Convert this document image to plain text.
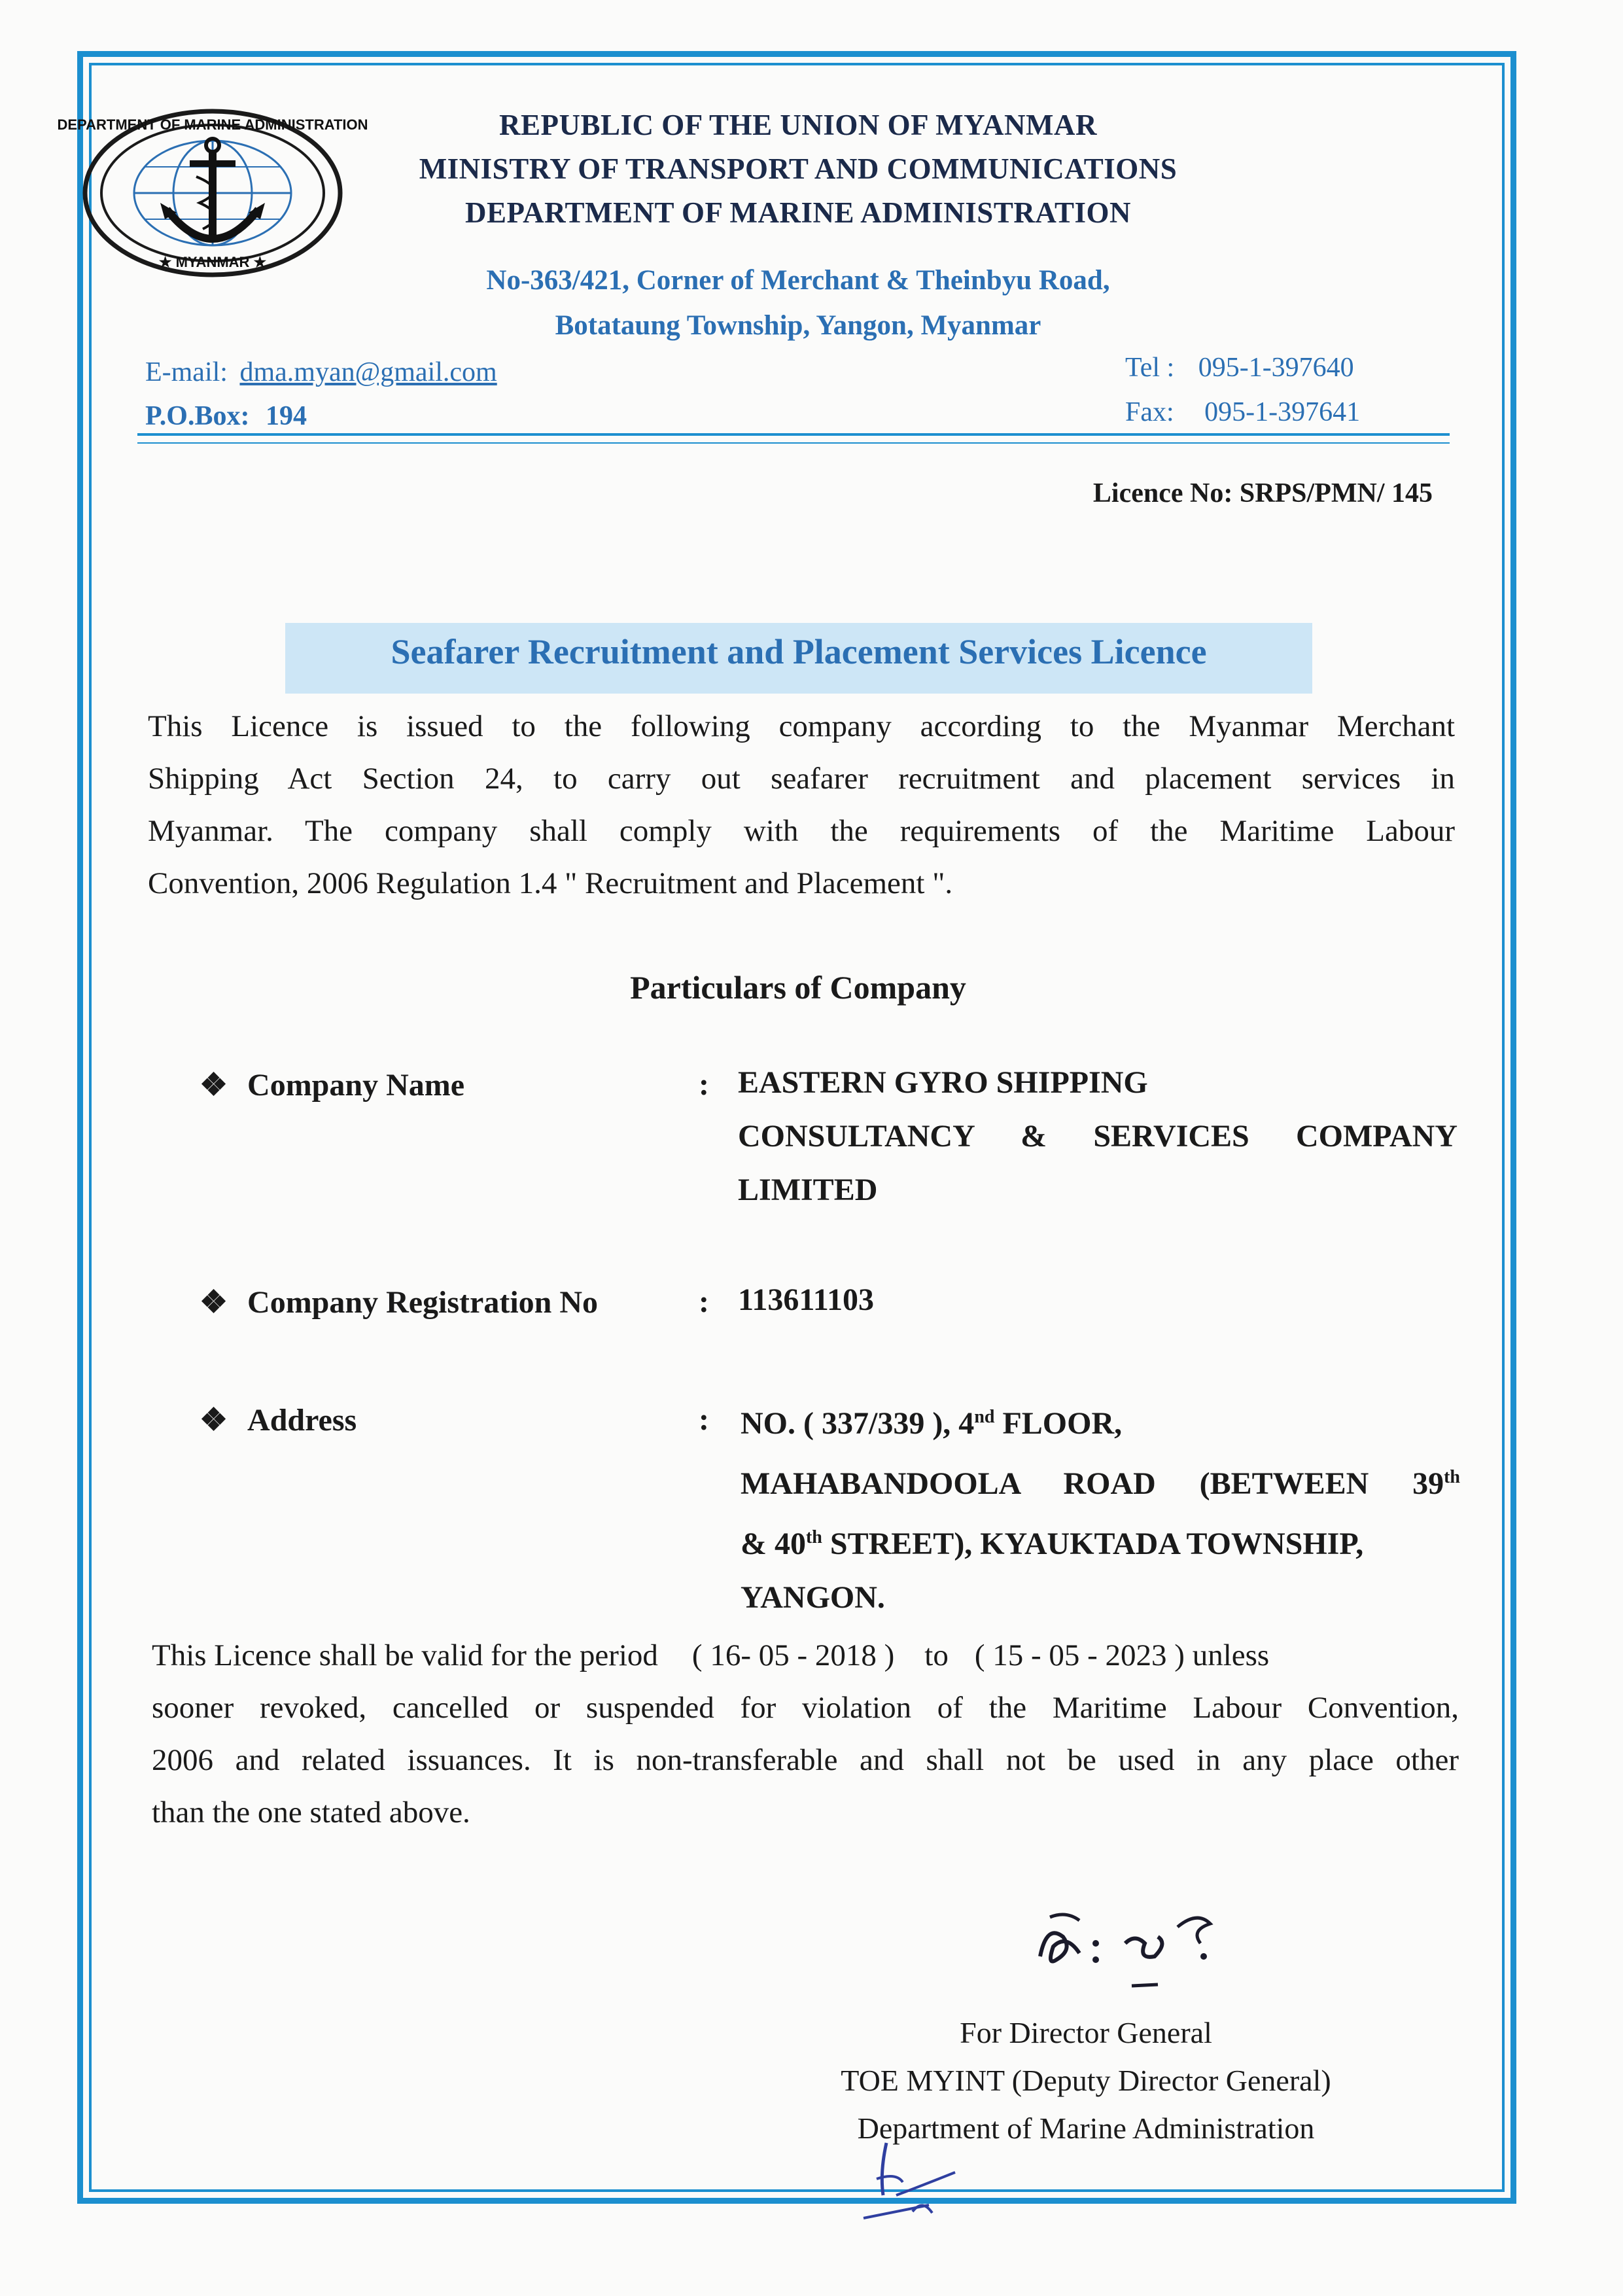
DEPARTMENT OF MARINE ADMINISTRATION
★ MYANMAR ★
REPUBLIC OF THE UNION OF MYANMAR
MINISTRY OF TRANSPORT AND COMMUNICATIONS
DEPARTMENT OF MARINE ADMINISTRATION
No-363/421, Corner of Merchant & Theinbyu Road,
Botataung Township, Yangon, Myanmar
E-mail: dma.myan@gmail.com
P.O.Box: 194
Tel : 095-1-397640
Fax: 095-1-397641
Licence No: SRPS/PMN/ 145
Seafarer Recruitment and Placement Services Licence
This Licence is issued to the following company according to the Myanmar Merchant
Shipping Act Section 24, to carry out seafarer recruitment and placement services in
Myanmar. The company shall comply with the requirements of the Maritime Labour
Convention, 2006 Regulation 1.4 " Recruitment and Placement ".
Particulars of Company
❖ Company Name	: EASTERN GYRO SHIPPING
CONSULTANCY & SERVICES COMPANY
LIMITED
❖ Company Registration No	: 113611103
❖ Address	: NO. ( 337/339 ), 4nd FLOOR,
MAHABANDOOLA ROAD (BETWEEN 39th
& 40th STREET), KYAUKTADA TOWNSHIP,
YANGON.
This Licence shall be valid for the period ( 16- 05 - 2018 ) to ( 15 - 05 - 2023 ) unless
sooner revoked, cancelled or suspended for violation of the Maritime Labour Convention,
2006 and related issuances. It is non-transferable and shall not be used in any place other
than the one stated above.
For Director General
TOE MYINT (Deputy Director General)
Department of Marine Administration
